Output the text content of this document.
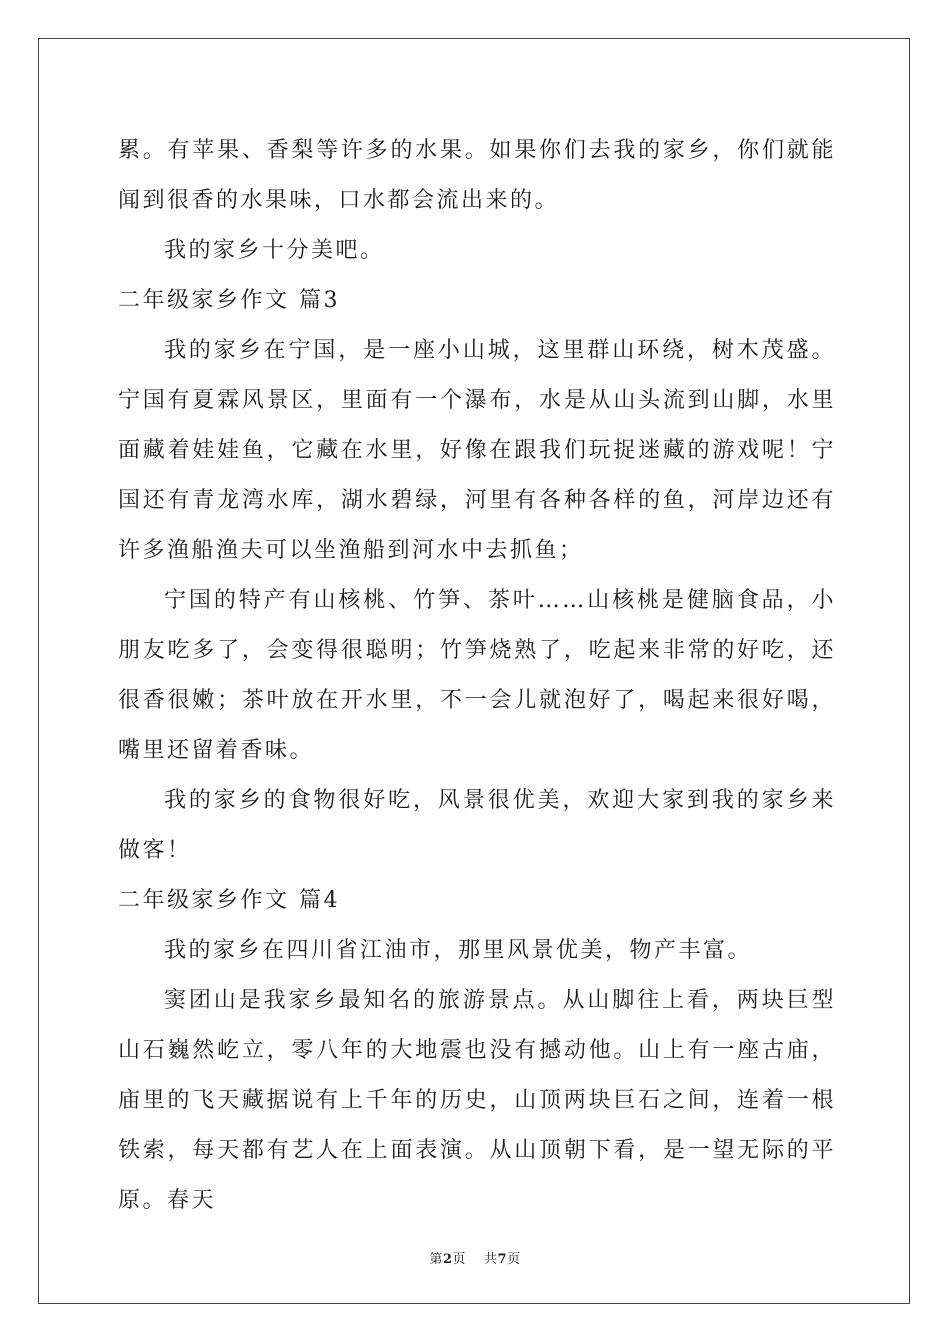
累。有苹果、香梨等许多的水果。如果你们去我的家乡，你们就能闻到很香的水果味，口水都会流出来的。

我的家乡十分美吧。

二年级家乡作文 篇3

我的家乡在宁国，是一座小山城，这里群山环绕，树木茂盛。宁国有夏霖风景区，里面有一个瀑布，水是从山头流到山脚，水里面藏着娃娃鱼，它藏在水里，好像在跟我们玩捉迷藏的游戏呢！宁国还有青龙湾水库，湖水碧绿，河里有各种各样的鱼，河岸边还有许多渔船渔夫可以坐渔船到河水中去抓鱼；

宁国的特产有山核桃、竹笋、茶叶……山核桃是健脑食品，小朋友吃多了，会变得很聪明；竹笋烧熟了，吃起来非常的好吃，还很香很嫩；茶叶放在开水里，不一会儿就泡好了，喝起来很好喝，嘴里还留着香味。

我的家乡的食物很好吃，风景很优美，欢迎大家到我的家乡来做客！

二年级家乡作文 篇4

我的家乡在四川省江油市，那里风景优美，物产丰富。

窦团山是我家乡最知名的旅游景点。从山脚往上看，两块巨型山石巍然屹立，零八年的大地震也没有撼动他。山上有一座古庙，庙里的飞天藏据说有上千年的历史，山顶两块巨石之间，连着一根铁索，每天都有艺人在上面表演。从山顶朝下看，是一望无际的平原。春天

第2页 共7页
